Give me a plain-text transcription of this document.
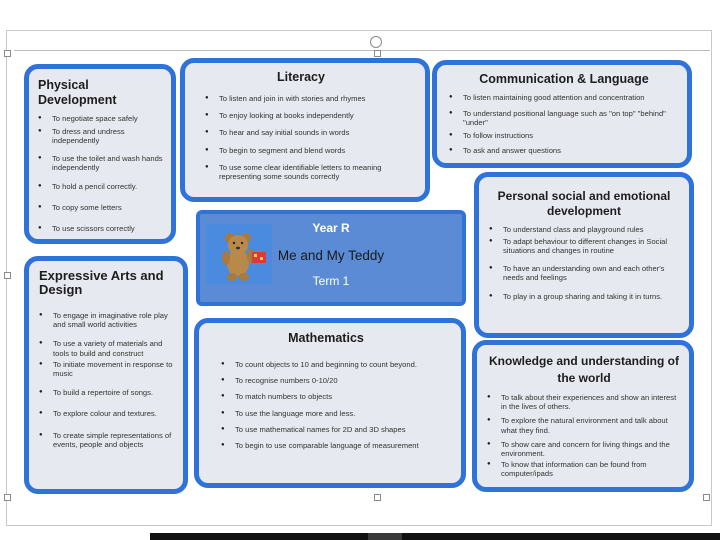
Physical Development
● To negotiate space safely
● To dress and undress independently
● To use the toilet and wash hands independently
● To hold a pencil correctly.
● To copy some letters
● To use scissors correctly
Literacy
● To listen and join in with stories and rhymes
● To enjoy looking at books independently
● To hear and say initial sounds in words
● To begin to segment and blend words
● To use some clear identifiable letters to meaning representing some sounds correctly
Communication & Language
● To listen maintaining good attention and concentration
● To understand positional language such as "on top" "behind" "under"
● To follow instructions
● To ask and answer questions
Personal social and emotional development
● To understand class and playground rules
● To adapt behaviour to different changes in Social situations and changes in routine
● To have an understanding own and each other's needs and feelings
● To play in a group sharing and taking it in turns.
Year R
Me and My Teddy
Term 1
Expressive Arts and Design
● To engage in imaginative role play and small world activities
● To use a variety of materials and tools to build and construct
● To initiate movement in response to music
● To build a repertoire of songs.
● To explore colour and textures.
● To create simple representations of events, people and objects
Mathematics
● To count objects to 10 and beginning to count beyond.
● To recognise numbers 0-10/20
● To match numbers to objects
● To use the language more and less.
● To use mathematical names for 2D and 3D shapes
● To begin to use comparable language of measurement
Knowledge and understanding of the world
● To talk about their experiences and show an interest in the lives of others.
● To explore the natural environment and talk about what they find.
● To show care and concern for living things and the environment.
● To know that information can be found from computer/ipads
